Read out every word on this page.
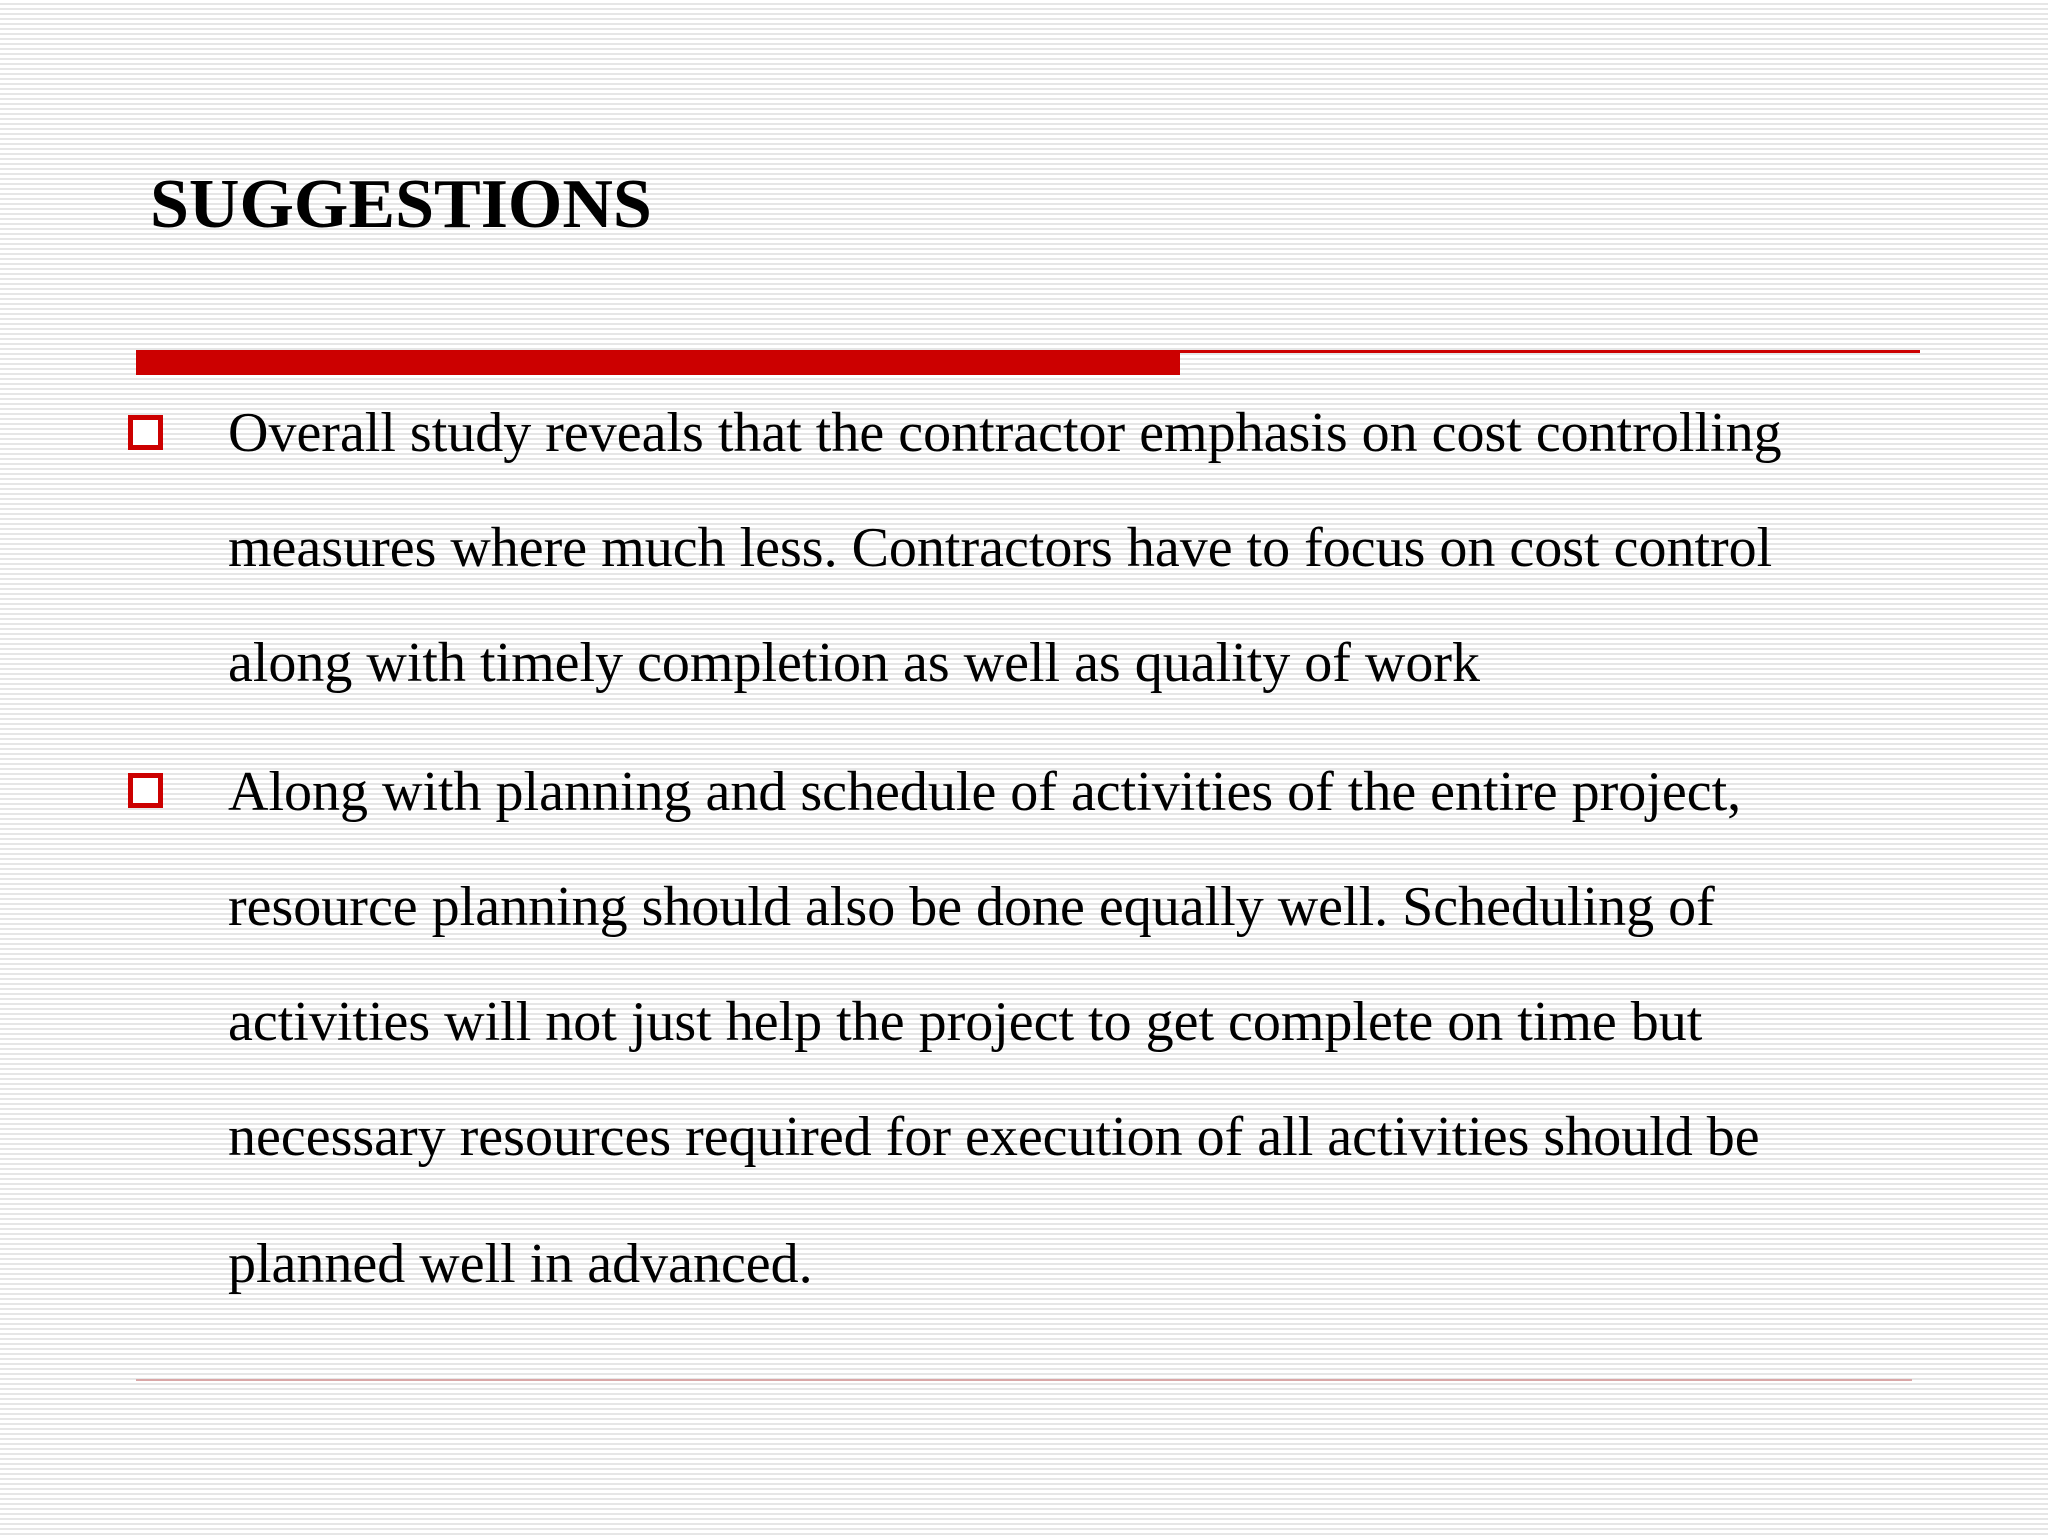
SUGGESTIONS

Overall study reveals that the contractor emphasis on cost controlling
measures where much less. Contractors have to focus on cost control
along with timely completion as well as quality of work

Along with planning and schedule of activities of the entire project,
resource planning should also be done equally well. Scheduling of
activities will not just help the project to get complete on time but
necessary resources required for execution of all activities should be
planned well in advanced.
